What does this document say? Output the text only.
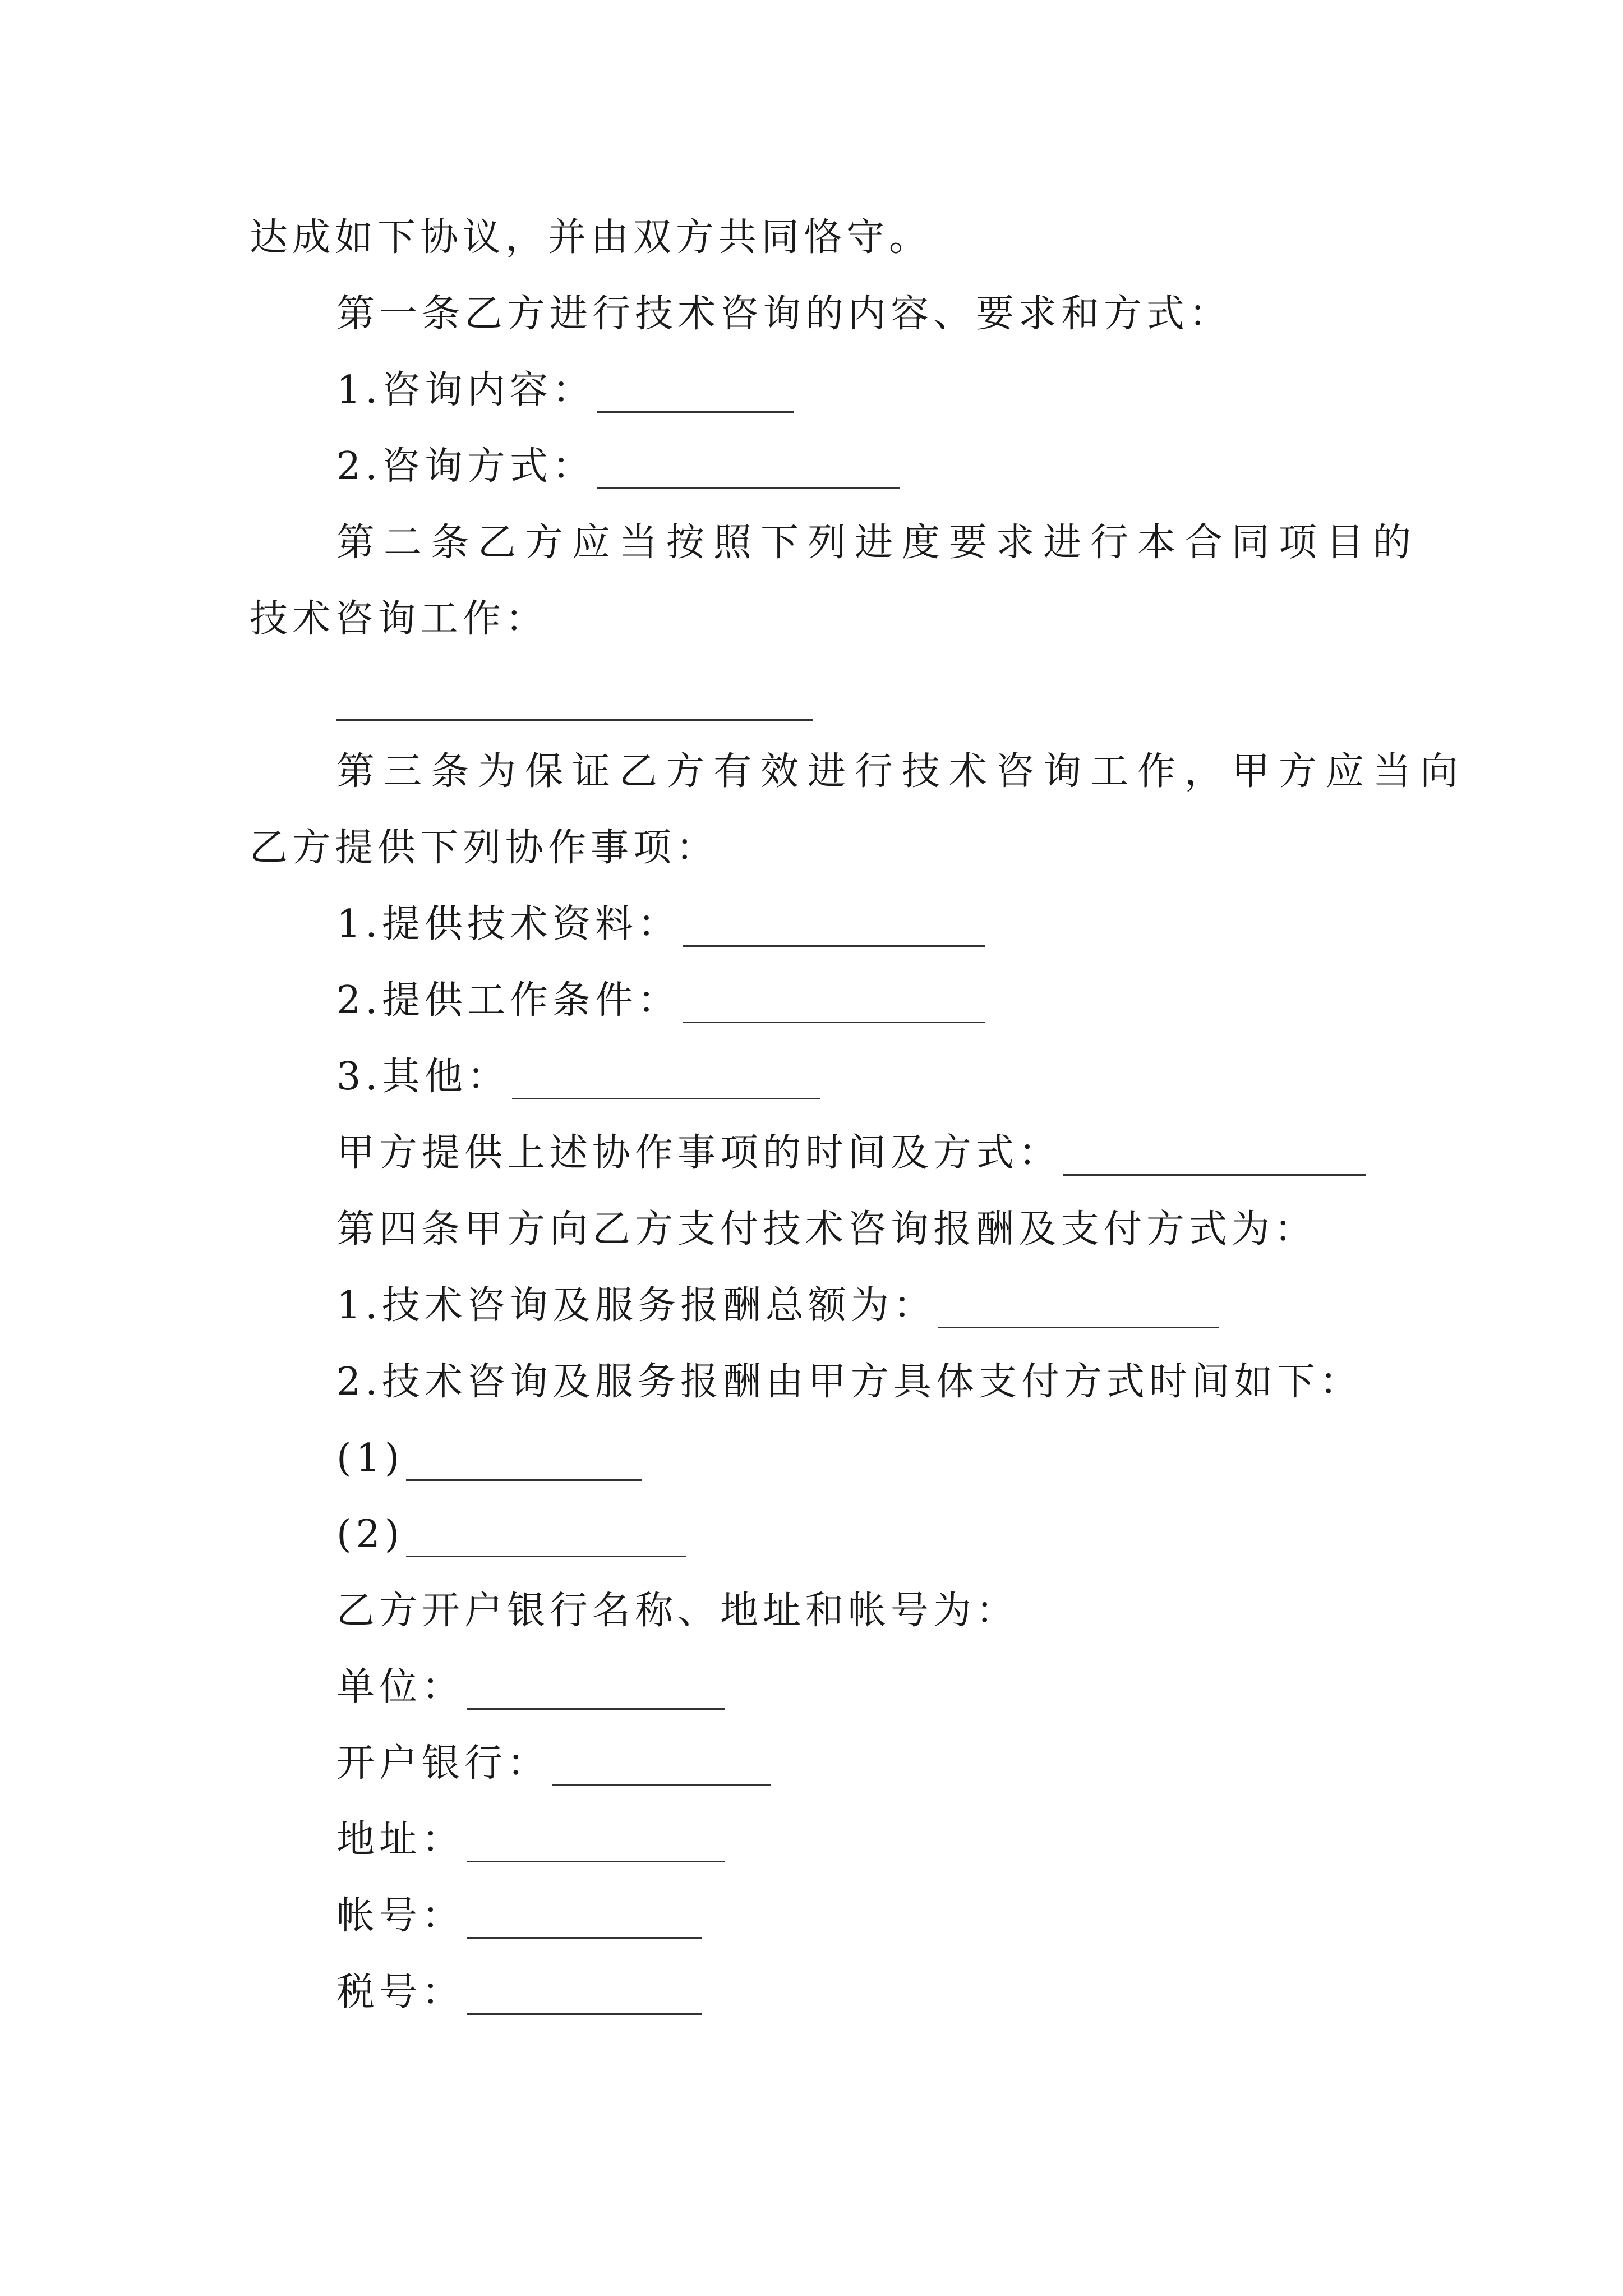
达成如下协议，并由双方共同恪守。
第一条乙方进行技术咨询的内容、要求和方式：
1.咨询内容：
2.咨询方式：
第二条乙方应当按照下列进度要求进行本合同项目的
技术咨询工作：
第三条为保证乙方有效进行技术咨询工作，甲方应当向
乙方提供下列协作事项：
1.提供技术资料：
2.提供工作条件：
3.其他：
甲方提供上述协作事项的时间及方式：
第四条甲方向乙方支付技术咨询报酬及支付方式为：
1.技术咨询及服务报酬总额为：
2.技术咨询及服务报酬由甲方具体支付方式时间如下：
(1)
(2)
乙方开户银行名称、地址和帐号为：
单位：
开户银行：
地址：
帐号：
税号：
